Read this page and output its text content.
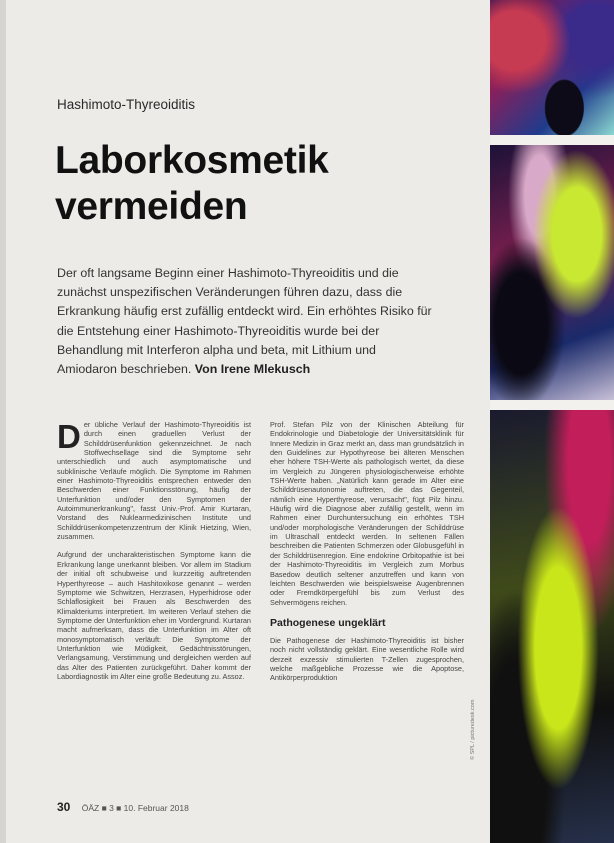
Hashimoto-Thyreoiditis
Laborkosmetik
vermeiden
Der oft langsame Beginn einer Hashimoto-Thyreoiditis und die zunächst unspezifischen Veränderungen führen dazu, dass die Erkrankung häufig erst zufällig entdeckt wird. Ein erhöhtes Risiko für die Entstehung einer Hashimoto-Thyreoiditis wurde bei der Behandlung mit Interferon alpha und beta, mit Lithium und Amiodaron beschrieben. Von Irene Mlekusch

Der übliche Verlauf der Hashimoto-Thyreoiditis ist durch einen graduellen Verlust der Schilddrüsenfunktion gekennzeichnet. Je nach Stoffwechsellage sind die Symptome sehr unterschiedlich und auch asymptomatische und subklinische Verläufe möglich. Die Symptome im Rahmen einer Hashimoto-Thyreoiditis entsprechen entweder den Beschwerden einer Funktionsstörung, häufig der Unterfunktion und/oder den Symptomen der Autoimmunerkrankung", fasst Univ.-Prof. Amir Kurtaran, Vorstand des Nuklearmedizinischen Institute und Schilddrüsenkompetenzzentrum der Klinik Hietzing, Wien, zusammen.

Aufgrund der uncharakteristischen Symptome kann die Erkrankung lange unerkannt bleiben. Vor allem im Stadium der initial oft schubweise und kurzzeitig auftretenden Hyperthyreose – auch Hashitoxikose genannt – werden Symptome wie Schwitzen, Herzrasen, Hyperhidrose oder Schlaflosigkeit bei Frauen als Beschwerden des Klimakteriums interpretiert. Im weiteren Verlauf stehen die Symptome der Unterfunktion eher im Vordergrund. Kurtaran macht aufmerksam, dass die Unterfunktion im Alter oft monosymptomatisch verläuft: Die Symptome der Unterfunktion wie Müdigkeit, Gedächtnisstörungen, Verlangsamung, Verstimmung und dergleichen werden auf das Alter des Patienten zurückgeführt. Daher kommt der Labordiagnostik im Alter eine große Bedeutung zu. Assoz.

Prof. Stefan Pilz von der Klinischen Abteilung für Endokrinologie und Diabetologie der Universitätsklinik für Innere Medizin in Graz merkt an, dass man grundsätzlich in den Guidelines zur Hypothyreose bei älteren Menschen eher höhere TSH-Werte als pathologisch wertet, da diese im Vergleich zu Jüngeren physiologischerweise erhöhte TSH-Werte haben. „Natürlich kann gerade im Alter eine Schilddrüsenautonomie auftreten, die das Gegenteil, nämlich eine Hyperthyreose, verursacht", fügt Pilz hinzu. Häufig wird die Diagnose aber zufällig gestellt, wenn im Rahmen einer Durchuntersuchung ein erhöhtes TSH und/oder morphologische Veränderungen der Schilddrüse im Ultraschall entdeckt werden. In seltenen Fällen beschreiben die Patienten Schmerzen oder Globusgefühl in der Schilddrüsenregion. Eine endokrine Orbitopathie ist bei der Hashimoto-Thyreoiditis im Vergleich zum Morbus Basedow deutlich seltener anzutreffen und kann von leichten Beschwerden wie beispielsweise Augenbrennen oder Fremdkörpergefühl bis zum Verlust des Sehvermögens reichen.

Pathogenese ungeklärt

Die Pathogenese der Hashimoto-Thyreoiditis ist bisher noch nicht vollständig geklärt. Eine wesentliche Rolle wird derzeit exzessiv stimulierten T-Zellen zugesprochen, welche maßgebliche Prozesse wie die Apoptose, Antikörperproduktion

30 ÖÄZ ■ 3 ■ 10. Februar 2018
© SPL / picturedesk.com
